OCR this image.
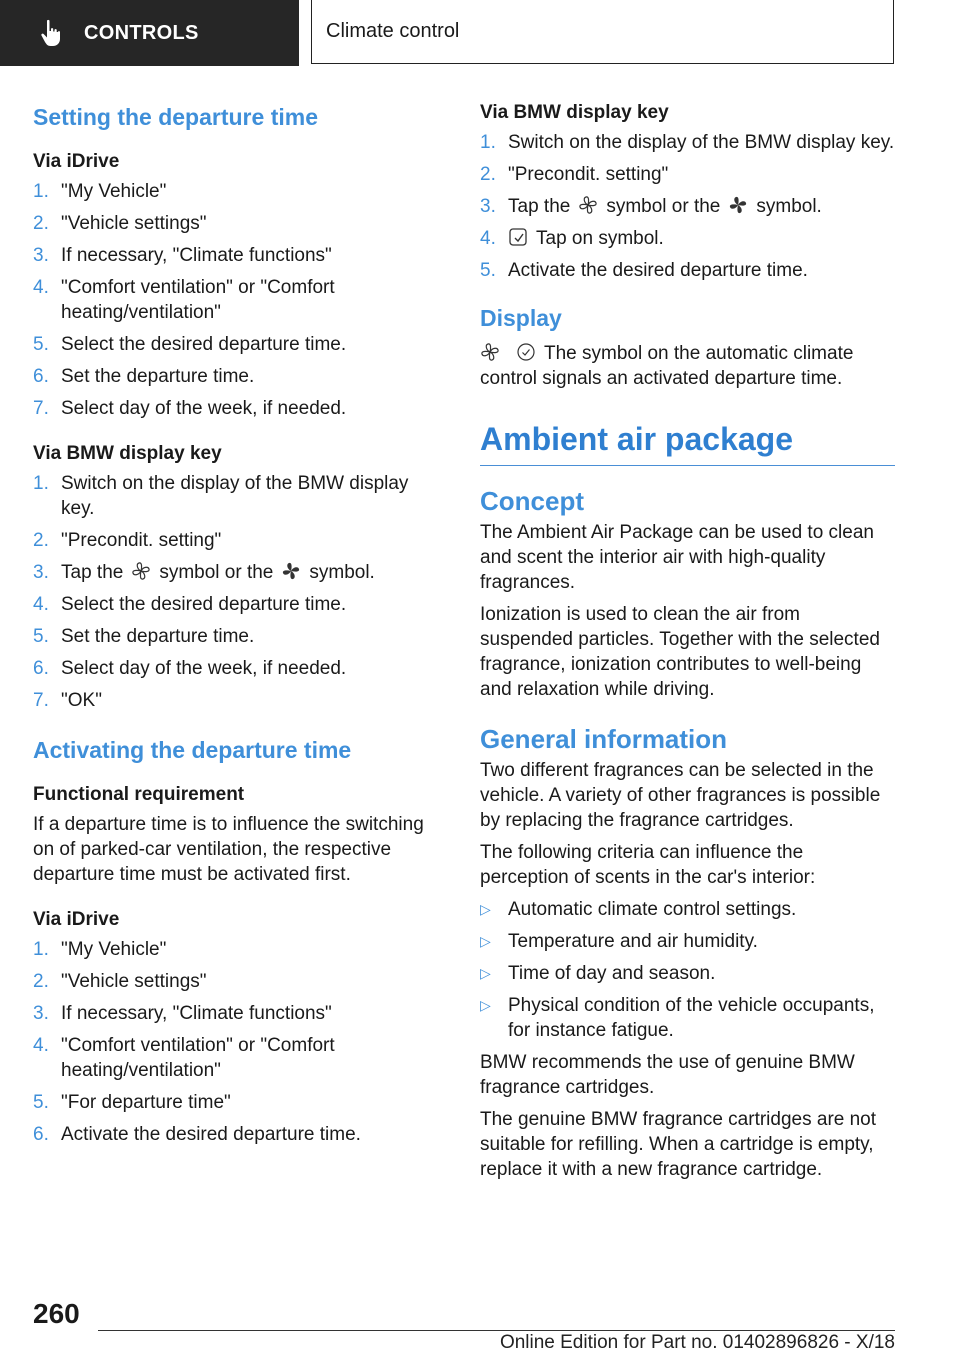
CONTROLS	Climate control
Setting the departure time
Via iDrive
1. "My Vehicle"
2. "Vehicle settings"
3. If necessary, "Climate functions"
4. "Comfort ventilation" or "Comfort heating/ventilation"
5. Select the desired departure time.
6. Set the departure time.
7. Select day of the week, if needed.
Via BMW display key
1. Switch on the display of the BMW display key.
2. "Precondit. setting"
3. Tap the symbol or the symbol.
4. Select the desired departure time.
5. Set the departure time.
6. Select day of the week, if needed.
7. "OK"
Activating the departure time
Functional requirement
If a departure time is to influence the switching on of parked-car ventilation, the respective departure time must be activated first.
Via iDrive
1. "My Vehicle"
2. "Vehicle settings"
3. If necessary, "Climate functions"
4. "Comfort ventilation" or "Comfort heating/ventilation"
5. "For departure time"
6. Activate the desired departure time.
Via BMW display key
1. Switch on the display of the BMW display key.
2. "Precondit. setting"
3. Tap the symbol or the symbol.
4. Tap on symbol.
5. Activate the desired departure time.
Display
The symbol on the automatic climate control signals an activated departure time.
Ambient air package
Concept
The Ambient Air Package can be used to clean and scent the interior air with high-quality fragrances.
Ionization is used to clean the air from suspended particles. Together with the selected fragrance, ionization contributes to well-being and relaxation while driving.
General information
Two different fragrances can be selected in the vehicle. A variety of other fragrances is possible by replacing the fragrance cartridges.
The following criteria can influence the perception of scents in the car's interior:
▷ Automatic climate control settings.
▷ Temperature and air humidity.
▷ Time of day and season.
▷ Physical condition of the vehicle occupants, for instance fatigue.
BMW recommends the use of genuine BMW fragrance cartridges.
The genuine BMW fragrance cartridges are not suitable for refilling. When a cartridge is empty, replace it with a new fragrance cartridge.
260
Online Edition for Part no. 01402896826 - X/18
